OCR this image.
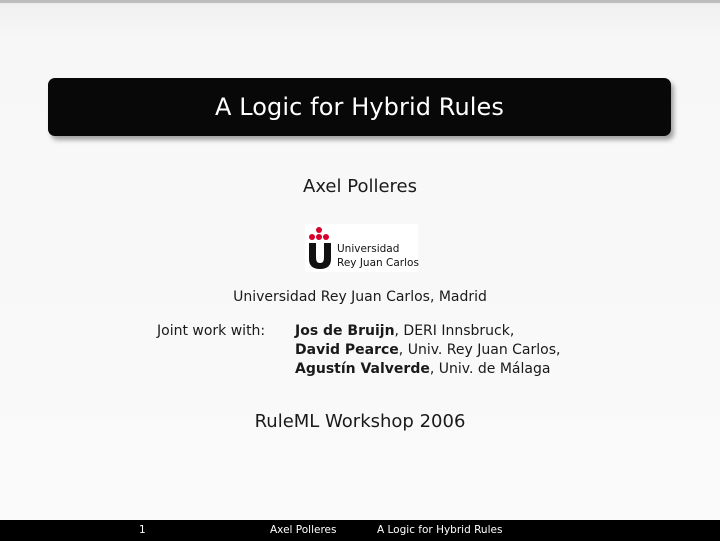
A Logic for Hybrid Rules
Axel Polleres
Universidad
Rey Juan Carlos
Universidad Rey Juan Carlos, Madrid
Joint work with: Jos de Bruijn, DERI Innsbruck,
David Pearce, Univ. Rey Juan Carlos,
Agustín Valverde, Univ. de Málaga
RuleML Workshop 2006
1	Axel Polleres	A Logic for Hybrid Rules
